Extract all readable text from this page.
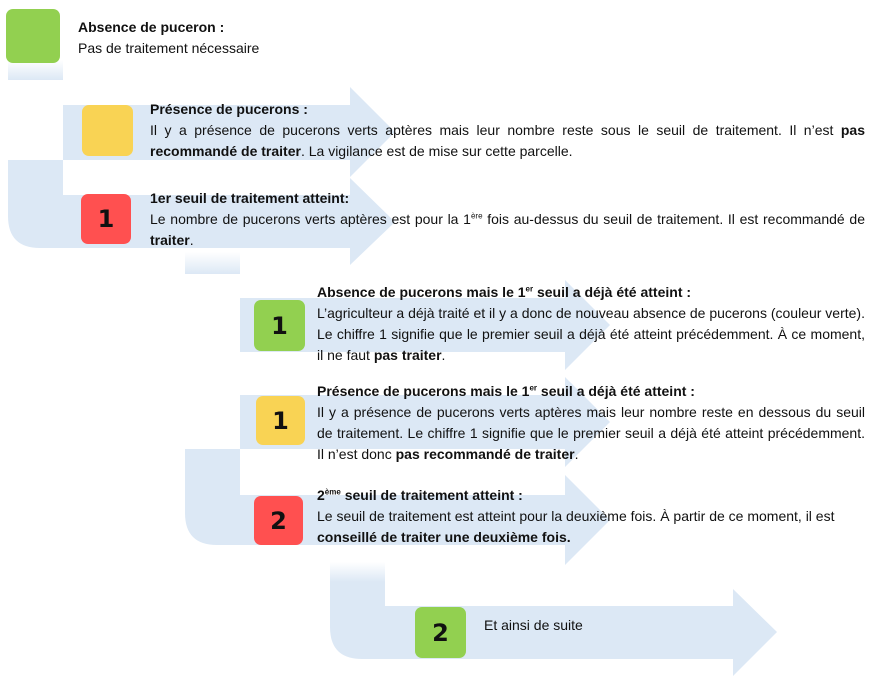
Absence de puceron :
Pas de traitement nécessaire
Présence de pucerons :
Il y a présence de pucerons verts aptères mais leur nombre reste sous le seuil de traitement. Il n’est pas recommandé de traiter. La vigilance est de mise sur cette parcelle.
1
1er seuil de traitement atteint:
Le nombre de pucerons verts aptères est pour la 1ère fois au-dessus du seuil de traitement. Il est recommandé de traiter.
1
Absence de pucerons mais le 1er seuil a déjà été atteint :
L’agriculteur a déjà traité et il y a donc de nouveau absence de pucerons (couleur verte). Le chiffre 1 signifie que le premier seuil a déjà été atteint précédemment. À ce moment, il ne faut pas traiter.
1
Présence de pucerons mais le 1er seuil a déjà été atteint :
Il y a présence de pucerons verts aptères mais leur nombre reste en dessous du seuil de traitement. Le chiffre 1 signifie que le premier seuil a déjà été atteint précédemment. Il n’est donc pas recommandé de traiter.
2
2ème seuil de traitement atteint :
Le seuil de traitement est atteint pour la deuxième fois. À partir de ce moment, il est conseillé de traiter une deuxième fois.
2	Et ainsi de suite
